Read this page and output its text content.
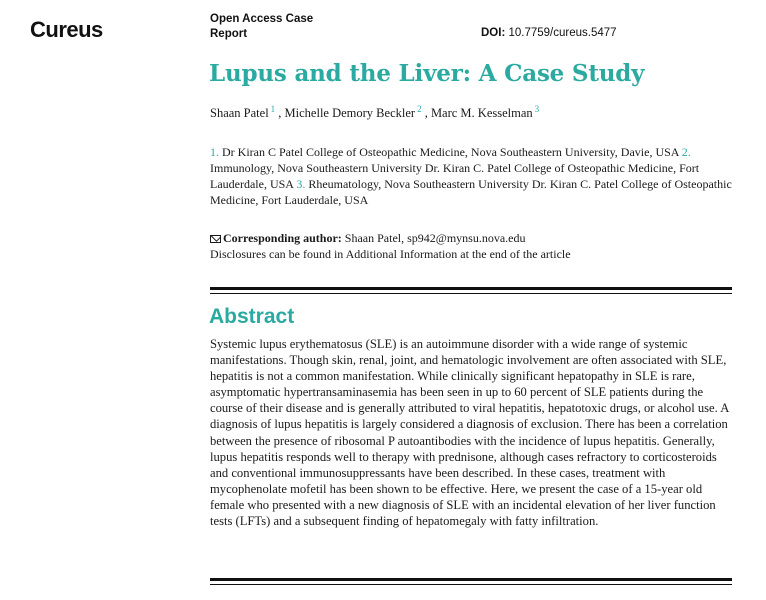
Cureus	Open Access Case Report	DOI: 10.7759/cureus.5477
Lupus and the Liver: A Case Study
Shaan Patel $^1$ , Michelle Demory Beckler $^2$ , Marc M. Kesselman $^3$
1. Dr Kiran C Patel College of Osteopathic Medicine, Nova Southeastern University, Davie, USA 2. Immunology, Nova Southeastern University Dr. Kiran C. Patel College of Osteopathic Medicine, Fort Lauderdale, USA 3. Rheumatology, Nova Southeastern University Dr. Kiran C. Patel College of Osteopathic Medicine, Fort Lauderdale, USA
Corresponding author: Shaan Patel, sp942@mynsu.nova.edu
Disclosures can be found in Additional Information at the end of the article
Abstract

Systemic lupus erythematosus (SLE) is an autoimmune disorder with a wide range of systemic manifestations. Though skin, renal, joint, and hematologic involvement are often associated with SLE, hepatitis is not a common manifestation. While clinically significant hepatopathy in SLE is rare, asymptomatic hypertransaminasemia has been seen in up to 60 percent of SLE patients during the course of their disease and is generally attributed to viral hepatitis, hepatotoxic drugs, or alcohol use. A diagnosis of lupus hepatitis is largely considered a diagnosis of exclusion. There has been a correlation between the presence of ribosomal P autoantibodies with the incidence of lupus hepatitis. Generally, lupus hepatitis responds well to therapy with prednisone, although cases refractory to corticosteroids and conventional immunosuppressants have been described. In these cases, treatment with mycophenolate mofetil has been shown to be effective. Here, we present the case of a 15-year old female who presented with a new diagnosis of SLE with an incidental elevation of her liver function tests (LFTs) and a subsequent finding of hepatomegaly with fatty infiltration.
